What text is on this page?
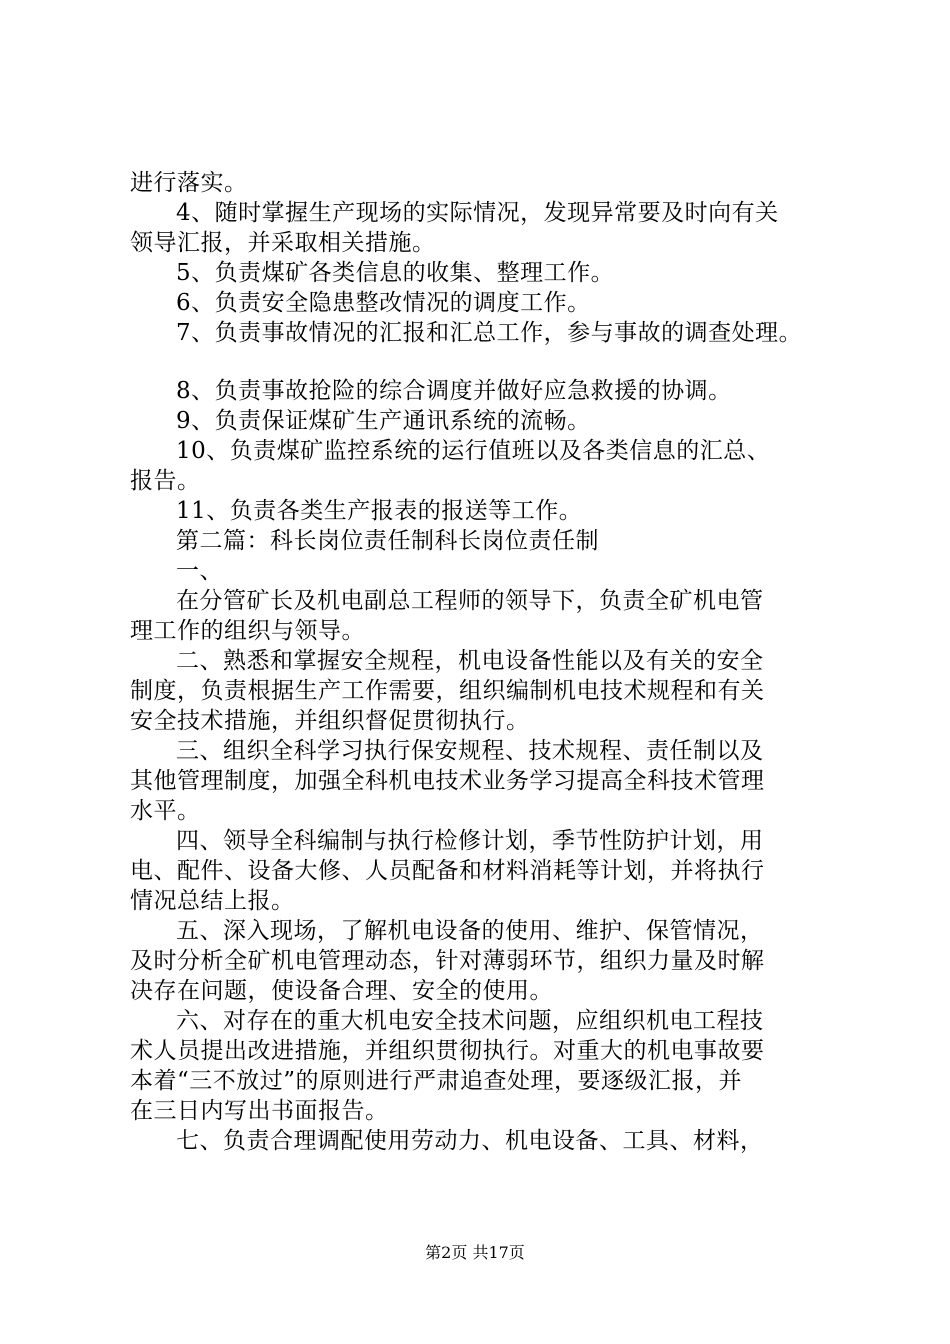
进行落实。
4、随时掌握生产现场的实际情况，发现异常要及时向有关
领导汇报，并采取相关措施。
5、负责煤矿各类信息的收集、整理工作。
6、负责安全隐患整改情况的调度工作。
7、负责事故情况的汇报和汇总工作，参与事故的调查处理。
8、负责事故抢险的综合调度并做好应急救援的协调。
9、负责保证煤矿生产通讯系统的流畅。
10、负责煤矿监控系统的运行值班以及各类信息的汇总、
报告。
11、负责各类生产报表的报送等工作。
第二篇：科长岗位责任制科长岗位责任制
一、
在分管矿长及机电副总工程师的领导下，负责全矿机电管
理工作的组织与领导。
二、熟悉和掌握安全规程，机电设备性能以及有关的安全
制度，负责根据生产工作需要，组织编制机电技术规程和有关
安全技术措施，并组织督促贯彻执行。
三、组织全科学习执行保安规程、技术规程、责任制以及
其他管理制度，加强全科机电技术业务学习提高全科技术管理
水平。
四、领导全科编制与执行检修计划，季节性防护计划，用
电、配件、设备大修、人员配备和材料消耗等计划，并将执行
情况总结上报。
五、深入现场，了解机电设备的使用、维护、保管情况，
及时分析全矿机电管理动态，针对薄弱环节，组织力量及时解
决存在问题，使设备合理、安全的使用。
六、对存在的重大机电安全技术问题，应组织机电工程技
术人员提出改进措施，并组织贯彻执行。对重大的机电事故要
本着“三不放过”的原则进行严肃追查处理，要逐级汇报，并
在三日内写出书面报告。
七、负责合理调配使用劳动力、机电设备、工具、材料，
第2页 共17页
